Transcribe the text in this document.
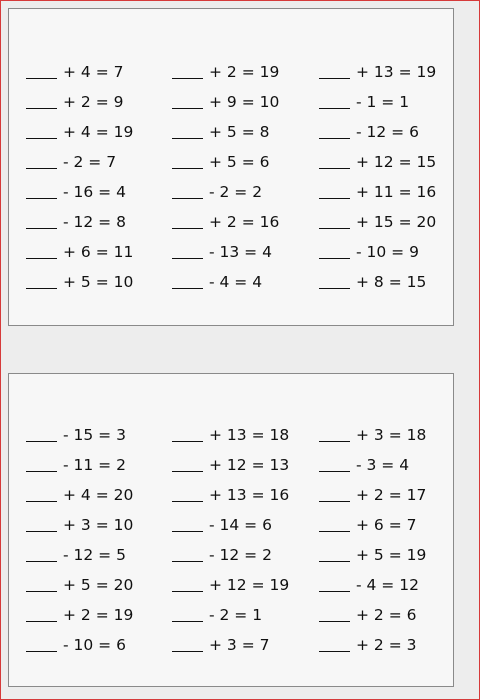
+ 4 = 7
+ 2 = 9
+ 4 = 19
- 2 = 7
- 16 = 4
- 12 = 8
+ 6 = 11
+ 5 = 10
+ 2 = 19
+ 9 = 10
+ 5 = 8
+ 5 = 6
- 2 = 2
+ 2 = 16
- 13 = 4
- 4 = 4
+ 13 = 19
- 1 = 1
- 12 = 6
+ 12 = 15
+ 11 = 16
+ 15 = 20
- 10 = 9
+ 8 = 15
- 15 = 3
- 11 = 2
+ 4 = 20
+ 3 = 10
- 12 = 5
+ 5 = 20
+ 2 = 19
- 10 = 6
+ 13 = 18
+ 12 = 13
+ 13 = 16
- 14 = 6
- 12 = 2
+ 12 = 19
- 2 = 1
+ 3 = 7
+ 3 = 18
- 3 = 4
+ 2 = 17
+ 6 = 7
+ 5 = 19
- 4 = 12
+ 2 = 6
+ 2 = 3
